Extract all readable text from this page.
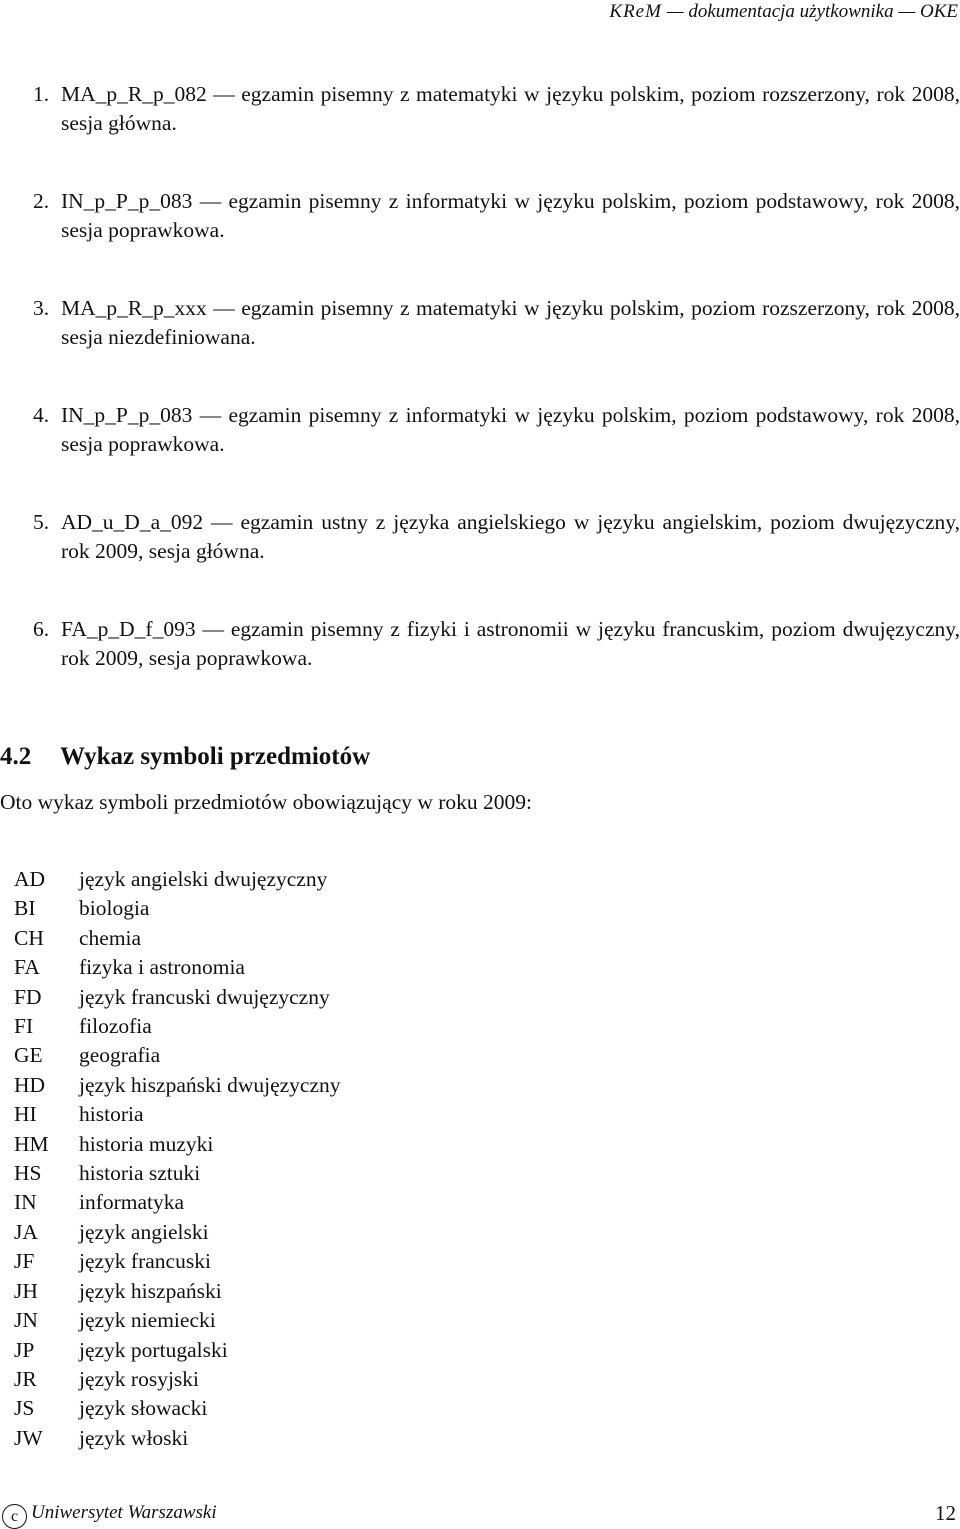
KReM — dokumentacja użytkownika — OKE
1. MA_p_R_p_082 — egzamin pisemny z matematyki w języku polskim, poziom rozszerzony, rok 2008, sesja główna.
2. IN_p_P_p_083 — egzamin pisemny z informatyki w języku polskim, poziom podstawowy, rok 2008, sesja poprawkowa.
3. MA_p_R_p_xxx — egzamin pisemny z matematyki w języku polskim, poziom rozszerzony, rok 2008, sesja niezdefiniowana.
4. IN_p_P_p_083 — egzamin pisemny z informatyki w języku polskim, poziom podstawowy, rok 2008, sesja poprawkowa.
5. AD_u_D_a_092 — egzamin ustny z języka angielskiego w języku angielskim, poziom dwujęzyczny, rok 2009, sesja główna.
6. FA_p_D_f_093 — egzamin pisemny z fizyki i astronomii w języku francuskim, poziom dwujęzyczny, rok 2009, sesja poprawkowa.
4.2 Wykaz symboli przedmiotów

Oto wykaz symboli przedmiotów obowiązujący w roku 2009:

AD	język angielski dwujęzyczny
BI	biologia
CH	chemia
FA	fizyka i astronomia
FD	język francuski dwujęzyczny
FI	filozofia
GE	geografia
HD	język hiszpański dwujęzyczny
HI	historia
HM	historia muzyki
HS	historia sztuki
IN	informatyka
JA	język angielski
JF	język francuski
JH	język hiszpański
JN	język niemiecki
JP	język portugalski
JR	język rosyjski
JS	język słowacki
JW	język włoski
c Uniwersytet Warszawski	12
